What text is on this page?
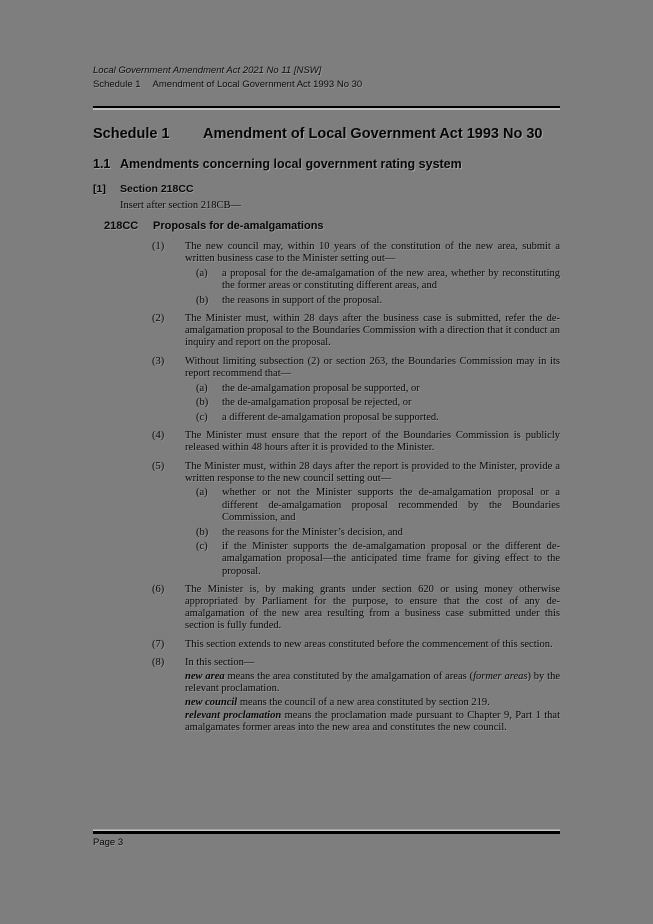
Local Government Amendment Act 2021 No 11 [NSW]
Schedule 1 Amendment of Local Government Act 1993 No 30
Schedule 1	Amendment of Local Government Act 1993 No 30
1.1 Amendments concerning local government rating system
[1]	Section 218CC
Insert after section 218CB—
218CC	Proposals for de-amalgamations
(1)	The new council may, within 10 years of the constitution of the new area, submit a written business case to the Minister setting out—
(a)	a proposal for the de-amalgamation of the new area, whether by reconstituting the former areas or constituting different areas, and
(b)	the reasons in support of the proposal.
(2)	The Minister must, within 28 days after the business case is submitted, refer the de-amalgamation proposal to the Boundaries Commission with a direction that it conduct an inquiry and report on the proposal.
(3)	Without limiting subsection (2) or section 263, the Boundaries Commission may in its report recommend that—
(a)	the de-amalgamation proposal be supported, or
(b)	the de-amalgamation proposal be rejected, or
(c)	a different de-amalgamation proposal be supported.
(4)	The Minister must ensure that the report of the Boundaries Commission is publicly released within 48 hours after it is provided to the Minister.
(5)	The Minister must, within 28 days after the report is provided to the Minister, provide a written response to the new council setting out—
(a)	whether or not the Minister supports the de-amalgamation proposal or a different de-amalgamation proposal recommended by the Boundaries Commission, and
(b)	the reasons for the Minister’s decision, and
(c)	if the Minister supports the de-amalgamation proposal or the different de-amalgamation proposal—the anticipated time frame for giving effect to the proposal.
(6)	The Minister is, by making grants under section 620 or using money otherwise appropriated by Parliament for the purpose, to ensure that the cost of any de-amalgamation of the new area resulting from a business case submitted under this section is fully funded.
(7)	This section extends to new areas constituted before the commencement of this section.
(8)	In this section—
new area means the area constituted by the amalgamation of areas (former areas) by the relevant proclamation.
new council means the council of a new area constituted by section 219.
relevant proclamation means the proclamation made pursuant to Chapter 9, Part 1 that amalgamates former areas into the new area and constitutes the new council.
Page 3
